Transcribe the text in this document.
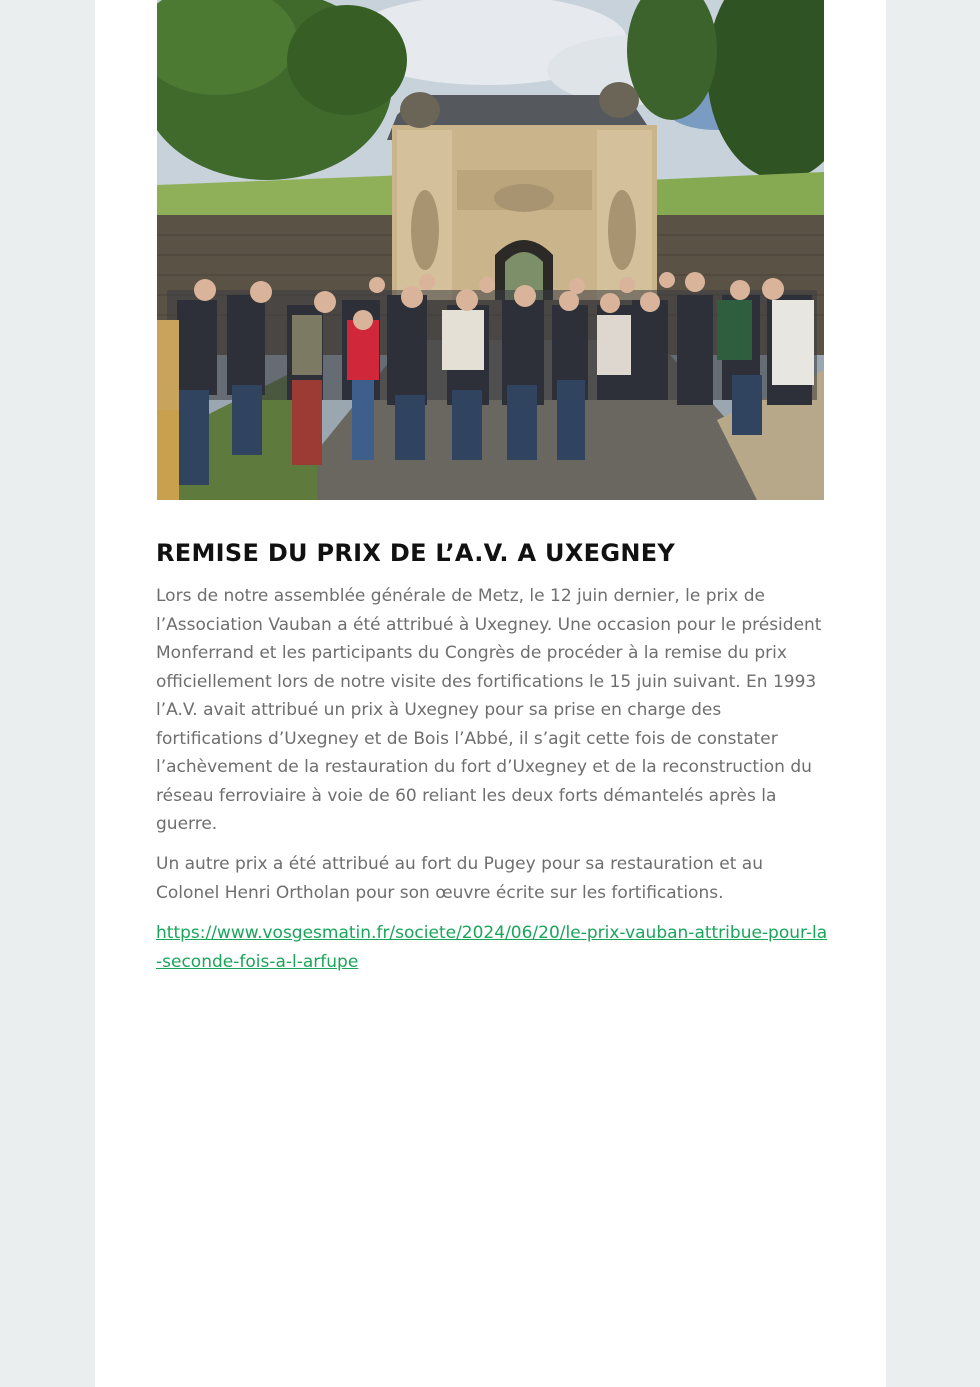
REMISE DU PRIX DE L’A.V. A UXEGNEY

Lors de notre assemblée générale de Metz, le 12 juin dernier, le prix de l’Association Vauban a été attribué à Uxegney. Une occasion pour le président Monferrand et les participants du Congrès de procéder à la remise du prix officiellement lors de notre visite des fortifications le 15 juin suivant. En 1993 l’A.V. avait attribué un prix à Uxegney pour sa prise en charge des fortifications d’Uxegney et de Bois l’Abbé, il s’agit cette fois de constater l’achèvement de la restauration du fort d’Uxegney et de la reconstruction du réseau ferroviaire à voie de 60 reliant les deux forts démantelés après la guerre.

Un autre prix a été attribué au fort du Pugey pour sa restauration et au Colonel Henri Ortholan pour son œuvre écrite sur les fortifications.

https://www.vosgesmatin.fr/societe/2024/06/20/le-prix-vauban-attribue-pour-la-seconde-fois-a-l-arfupe
